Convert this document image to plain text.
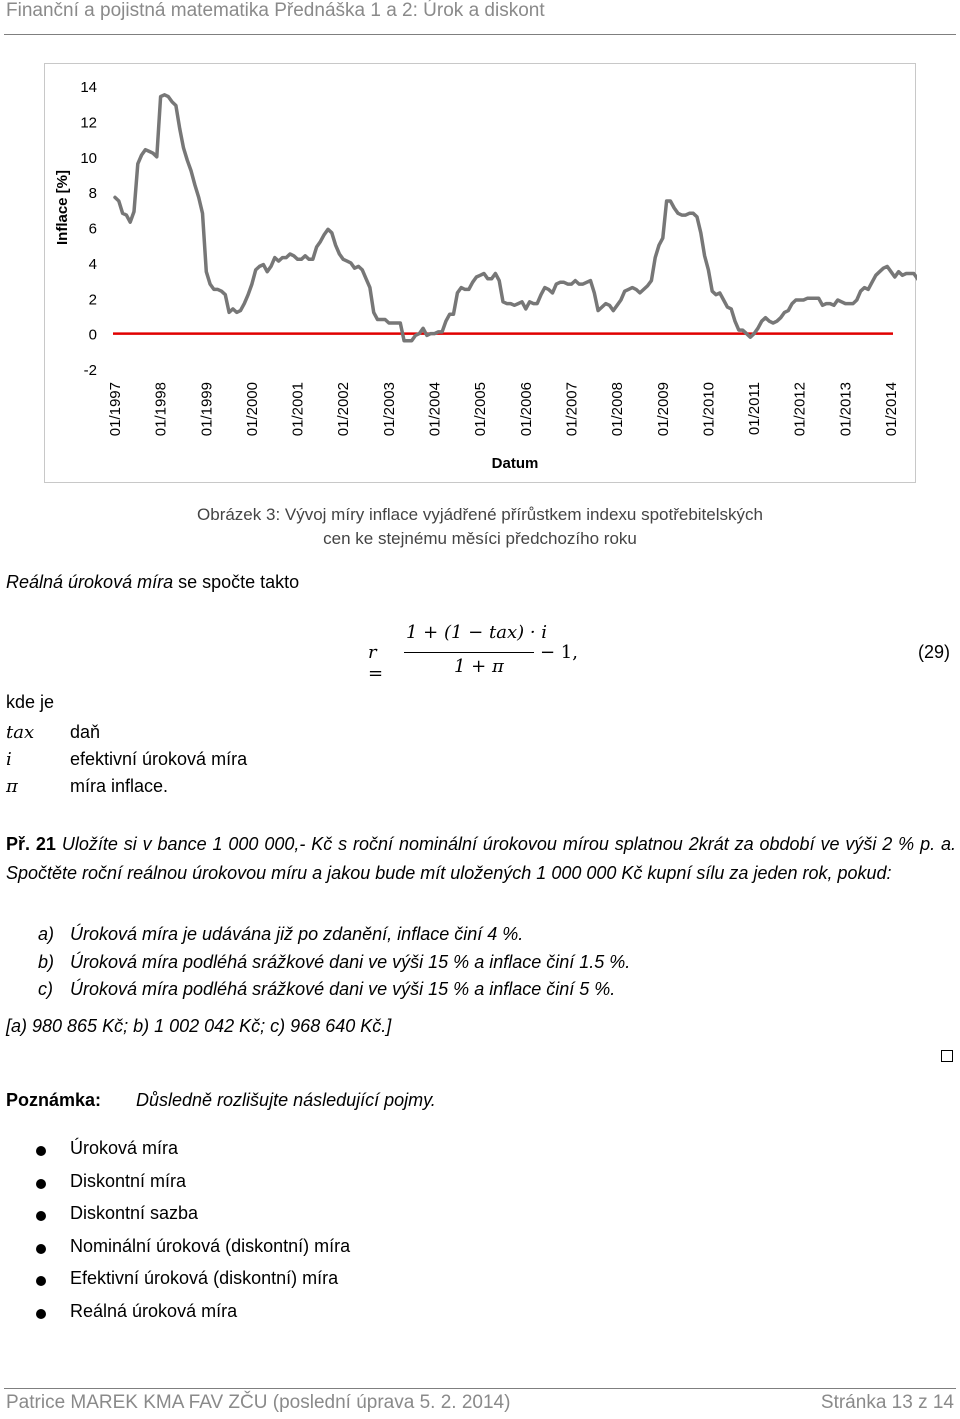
Finanční a pojistná matematika Přednáška 1 a 2: Úrok a diskont
14
12
10
8
6
4
2
0
-2
Inflace [%]
01/1997 01/1998 01/1999 01/2000 01/2001 01/2002 01/2003 01/2004 01/2005 01/2006 01/2007 01/2008 01/2009 01/2010 01/2011 01/2012 01/2013 01/2014
Datum
Obrázek 3: Vývoj míry inflace vyjádřené přírůstkem indexu spotřebitelských
cen ke stejnému měsíci předchozího roku
Reálná úroková míra se spočte takto
r =
1 + (1 − tax) · i
1 + π
− 1,	(29)
kde je
tax daň
i	efektivní úroková míra
π	míra inflace.
Př. 21 Uložíte si v bance 1 000 000,- Kč s roční nominální úrokovou mírou splatnou 2krát za období ve výši 2 % p. a. Spočtěte roční reálnou úrokovou míru a jakou bude mít uložených 1 000 000 Kč kupní sílu za jeden rok, pokud:
a) Úroková míra je udávána již po zdanění, inflace činí 4 %.
b) Úroková míra podléhá srážkové dani ve výši 15 % a inflace činí 1.5 %.
c) Úroková míra podléhá srážkové dani ve výši 15 % a inflace činí 5 %.
[a) 980 865 Kč; b) 1 002 042 Kč; c) 968 640 Kč.]
Poznámka: Důsledně rozlišujte následující pojmy.
Úroková míra
Diskontní míra
Diskontní sazba
Nominální úroková (diskontní) míra
Efektivní úroková (diskontní) míra
Reálná úroková míra
Patrice MAREK KMA FAV ZČU (poslední úprava 5. 2. 2014)	Stránka 13 z 14
